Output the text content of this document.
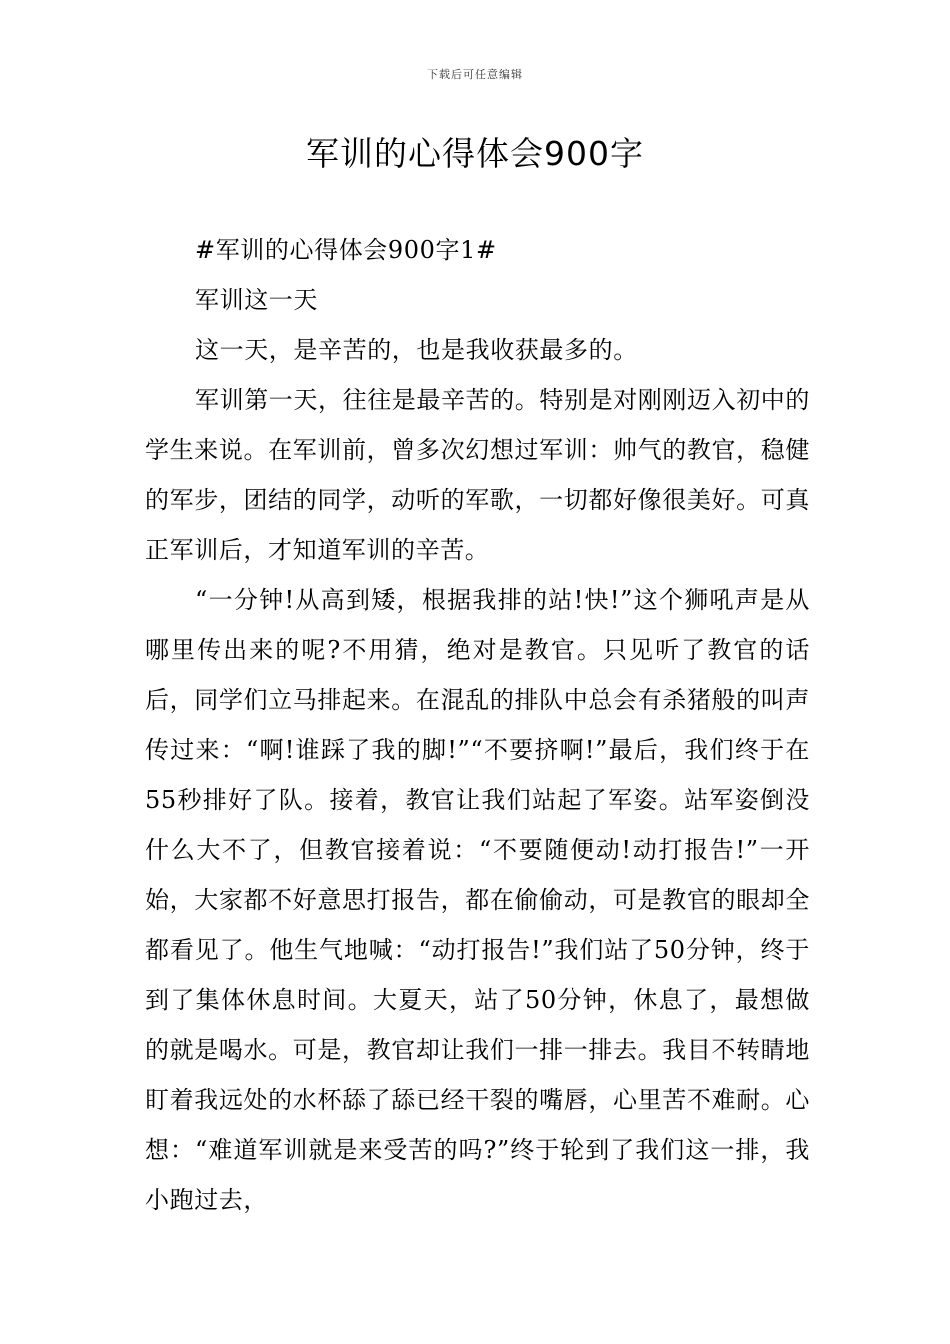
下载后可任意编辑
军训的心得体会900字

#军训的心得体会900字1#

军训这一天

这一天，是辛苦的，也是我收获最多的。

军训第一天，往往是最辛苦的。特别是对刚刚迈入初中的学生来说。在军训前，曾多次幻想过军训：帅气的教官，稳健的军步，团结的同学，动听的军歌，一切都好像很美好。可真正军训后，才知道军训的辛苦。

“一分钟!从高到矮，根据我排的站!快!”这个狮吼声是从哪里传出来的呢?不用猜，绝对是教官。只见听了教官的话后，同学们立马排起来。在混乱的排队中总会有杀猪般的叫声传过来：“啊!谁踩了我的脚!”“不要挤啊!”最后，我们终于在55秒排好了队。接着，教官让我们站起了军姿。站军姿倒没什么大不了，但教官接着说：“不要随便动!动打报告!”一开始，大家都不好意思打报告，都在偷偷动，可是教官的眼却全都看见了。他生气地喊：“动打报告!”我们站了50分钟，终于到了集体休息时间。大夏天，站了50分钟，休息了，最想做的就是喝水。可是，教官却让我们一排一排去。我目不转睛地盯着我远处的水杯舔了舔已经干裂的嘴唇，心里苦不难耐。心想：“难道军训就是来受苦的吗?”终于轮到了我们这一排，我小跑过去，
